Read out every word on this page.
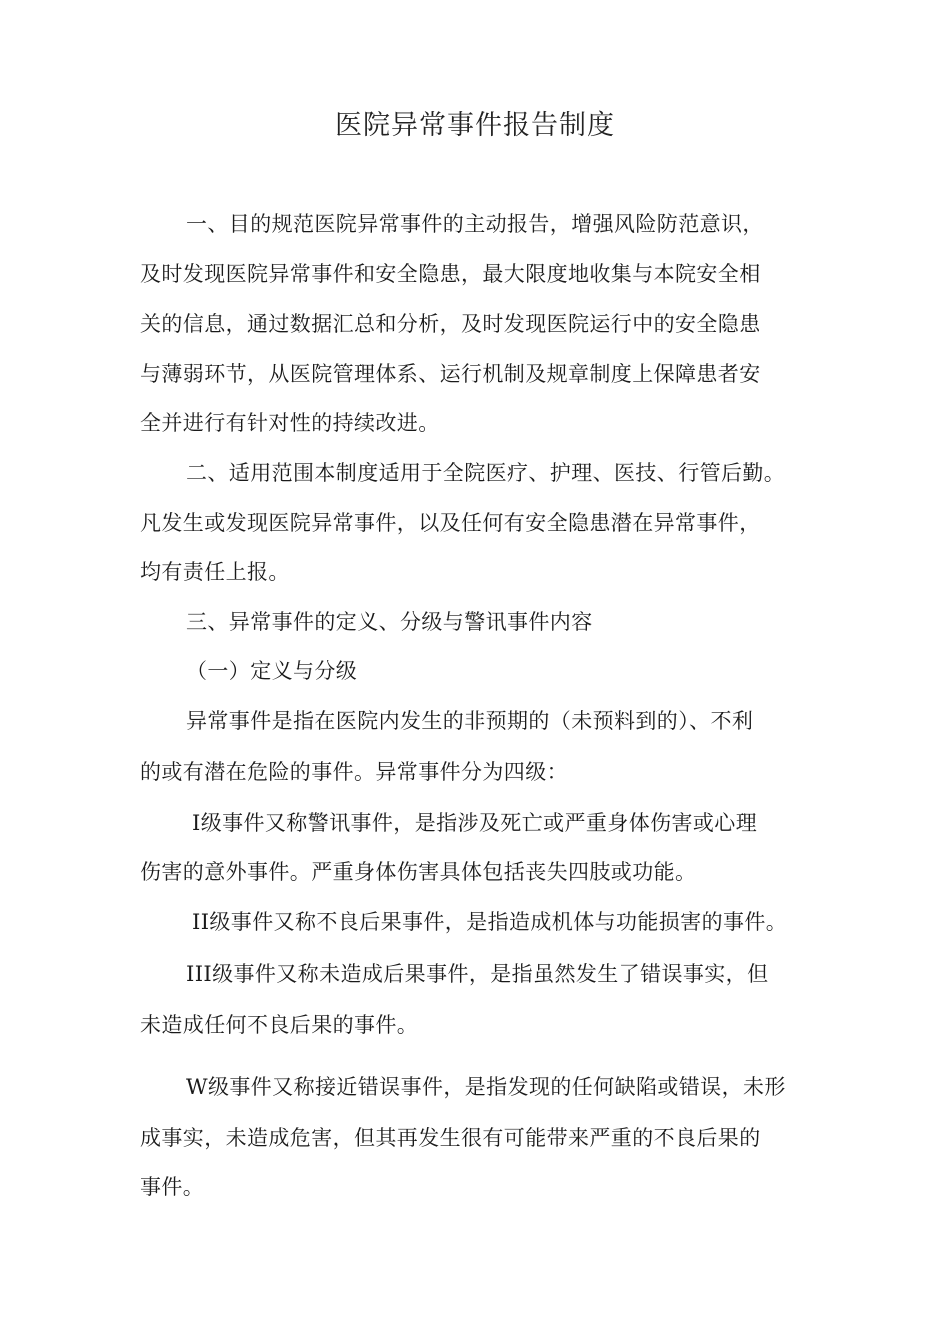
医院异常事件报告制度
一、目的规范医院异常事件的主动报告，增强风险防范意识，
及时发现医院异常事件和安全隐患，最大限度地收集与本院安全相
关的信息，通过数据汇总和分析，及时发现医院运行中的安全隐患
与薄弱环节，从医院管理体系、运行机制及规章制度上保障患者安
全并进行有针对性的持续改进。
二、适用范围本制度适用于全院医疗、护理、医技、行管后勤。
凡发生或发现医院异常事件，以及任何有安全隐患潜在异常事件，
均有责任上报。
三、异常事件的定义、分级与警讯事件内容
（一）定义与分级
异常事件是指在医院内发生的非预期的（未预料到的）、不利
的或有潜在危险的事件。异常事件分为四级：
I级事件又称警讯事件，是指涉及死亡或严重身体伤害或心理
伤害的意外事件。严重身体伤害具体包括丧失四肢或功能。
II级事件又称不良后果事件，是指造成机体与功能损害的事件。
III级事件又称未造成后果事件，是指虽然发生了错误事实，但
未造成任何不良后果的事件。
W级事件又称接近错误事件，是指发现的任何缺陷或错误，未形
成事实，未造成危害，但其再发生很有可能带来严重的不良后果的
事件。
